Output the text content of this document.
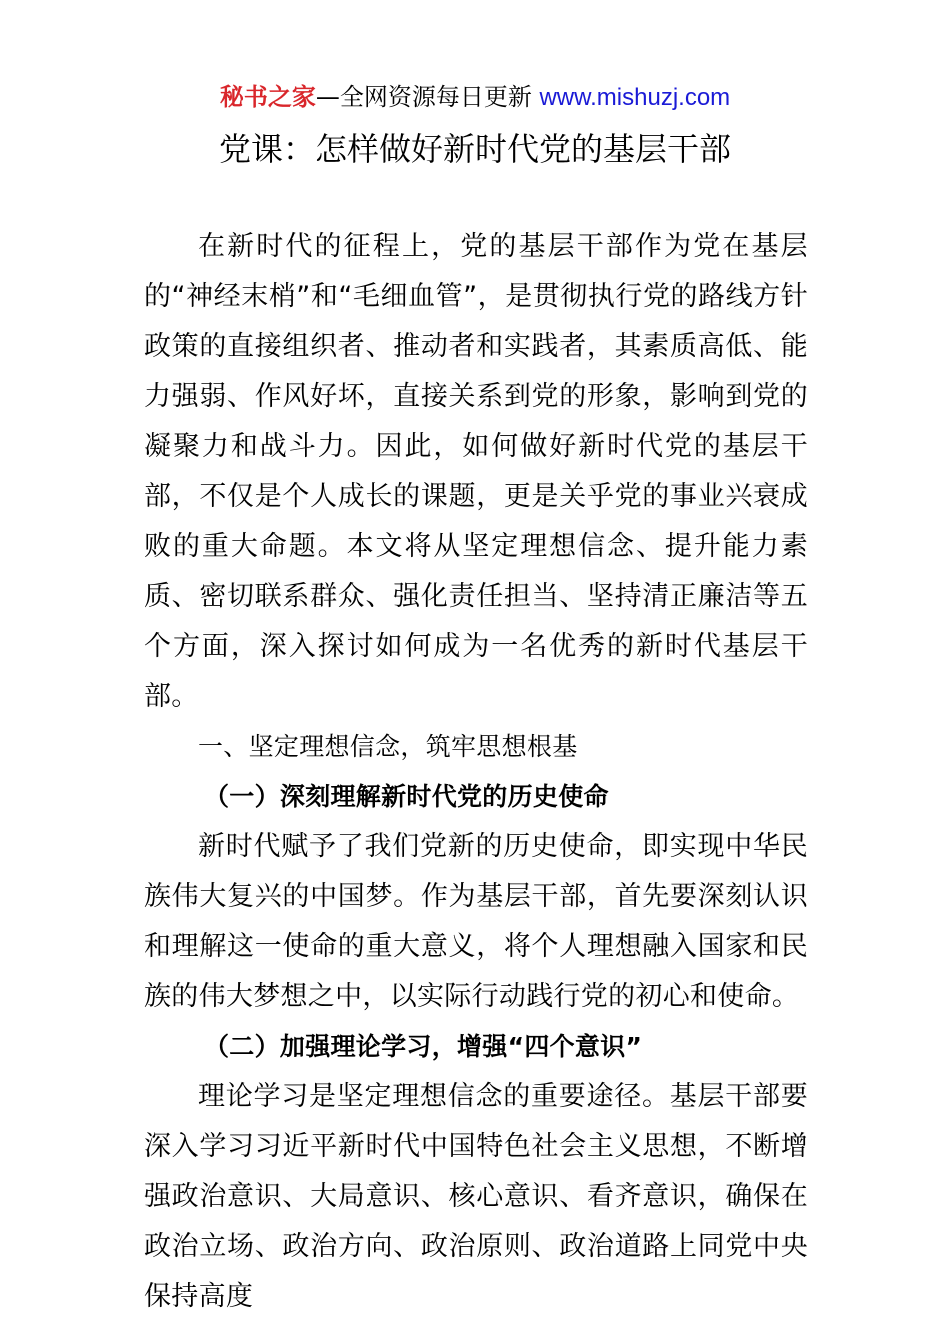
秘书之家—全网资源每日更新 www.mishuzj.com
党课：怎样做好新时代党的基层干部

在新时代的征程上，党的基层干部作为党在基层的“神经末梢”和“毛细血管”，是贯彻执行党的路线方针政策的直接组织者、推动者和实践者，其素质高低、能力强弱、作风好坏，直接关系到党的形象，影响到党的凝聚力和战斗力。因此，如何做好新时代党的基层干部，不仅是个人成长的课题，更是关乎党的事业兴衰成败的重大命题。本文将从坚定理想信念、提升能力素质、密切联系群众、强化责任担当、坚持清正廉洁等五个方面，深入探讨如何成为一名优秀的新时代基层干部。

一、坚定理想信念，筑牢思想根基

（一）深刻理解新时代党的历史使命

新时代赋予了我们党新的历史使命，即实现中华民族伟大复兴的中国梦。作为基层干部，首先要深刻认识和理解这一使命的重大意义，将个人理想融入国家和民族的伟大梦想之中，以实际行动践行党的初心和使命。

（二）加强理论学习，增强“四个意识”

理论学习是坚定理想信念的重要途径。基层干部要深入学习习近平新时代中国特色社会主义思想，不断增强政治意识、大局意识、核心意识、看齐意识，确保在政治立场、政治方向、政治原则、政治道路上同党中央保持高度
